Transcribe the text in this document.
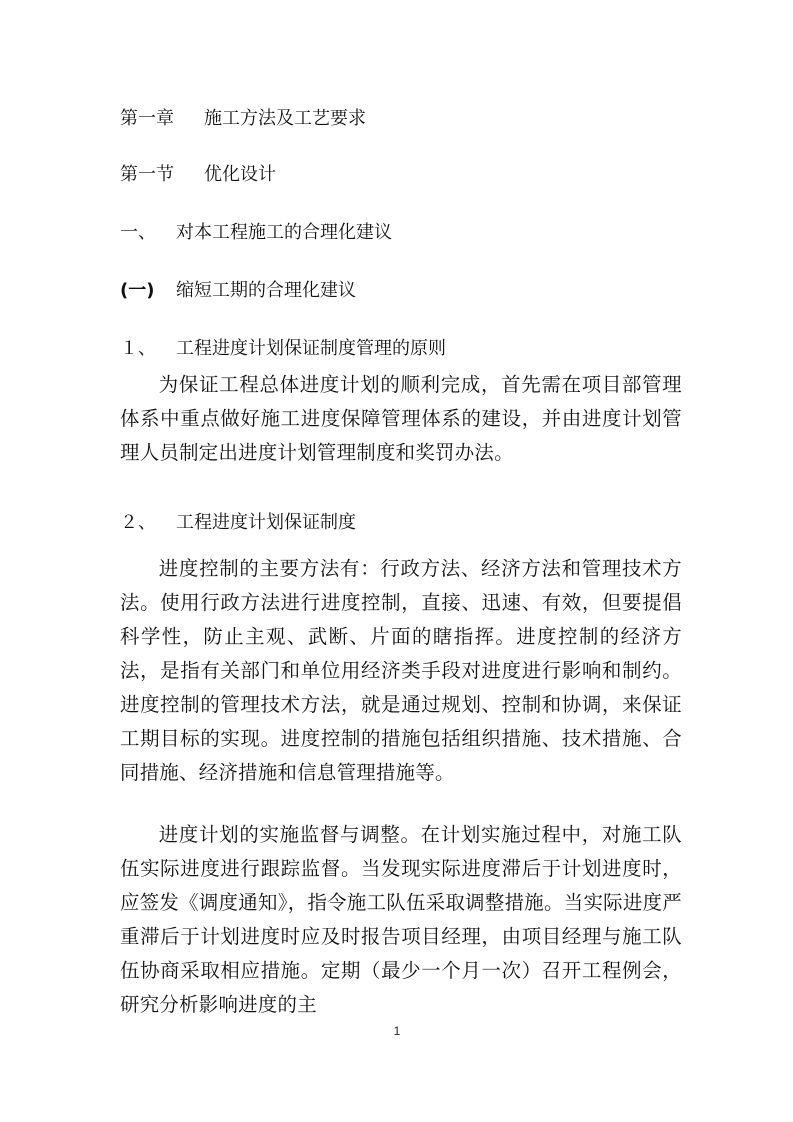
第一章 施工方法及工艺要求
第一节 优化设计
一、 对本工程施工的合理化建议
(一) 缩短工期的合理化建议
１、 工程进度计划保证制度管理的原则
为保证工程总体进度计划的顺利完成，首先需在项目部管理体系中重点做好施工进度保障管理体系的建设，并由进度计划管理人员制定出进度计划管理制度和奖罚办法。
２、 工程进度计划保证制度
进度控制的主要方法有：行政方法、经济方法和管理技术方法。使用行政方法进行进度控制，直接、迅速、有效，但要提倡科学性，防止主观、武断、片面的瞎指挥。进度控制的经济方法，是指有关部门和单位用经济类手段对进度进行影响和制约。进度控制的管理技术方法，就是通过规划、控制和协调，来保证工期目标的实现。进度控制的措施包括组织措施、技术措施、合同措施、经济措施和信息管理措施等。
进度计划的实施监督与调整。在计划实施过程中，对施工队伍实际进度进行跟踪监督。当发现实际进度滞后于计划进度时，应签发《调度通知》，指令施工队伍采取调整措施。当实际进度严重滞后于计划进度时应及时报告项目经理，由项目经理与施工队伍协商采取相应措施。定期（最少一个月一次）召开工程例会，研究分析影响进度的主
1
